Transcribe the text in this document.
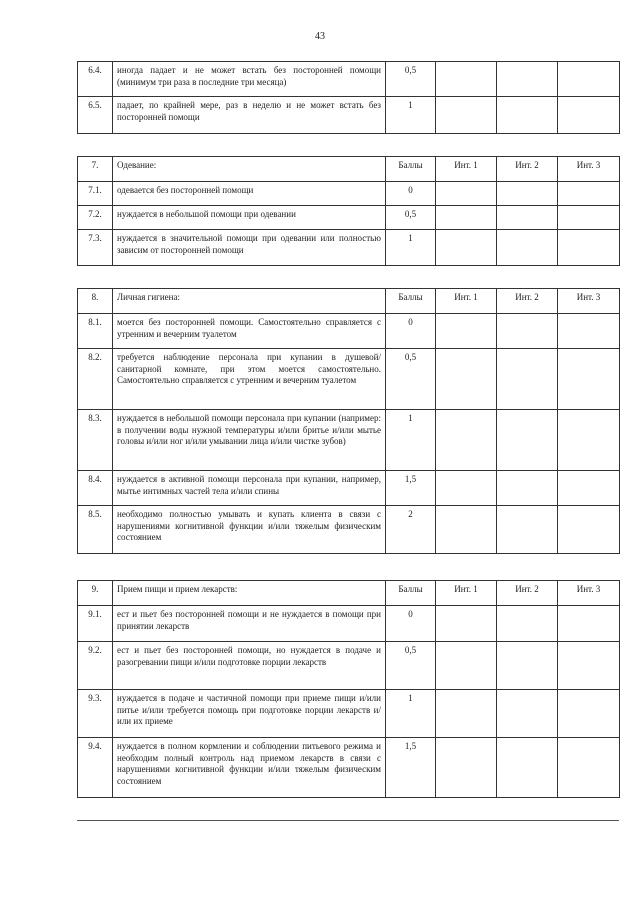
43
6.4.	иногда падает и не может встать без посторонней помощи (минимум три раза в последние три месяца)	0,5			
6.5.	падает, по крайней мере, раз в неделю и не может встать без посторонней помощи	1			
7.	Одевание:	Баллы	Инт. 1	Инт. 2	Инт. 3
7.1.	одевается без посторонней помощи	0			
7.2.	нуждается в небольшой помощи при одевании	0,5			
7.3.	нуждается в значительной помощи при одевании или полностью зависим от посторонней помощи	1			
8.	Личная гигиена:	Баллы	Инт. 1	Инт. 2	Инт. 3
8.1.	моется без посторонней помощи. Самостоятельно справляется с утренним и вечерним туалетом	0			
8.2.	требуется наблюдение персонала при купании в душевой/санитарной комнате, при этом моется самостоятельно. Самостоятельно справляется с утренним и вечерним туалетом	0,5			
8.3.	нуждается в небольшой помощи персонала при купании (например: в получении воды нужной температуры и/или бритье и/или мытье головы и/или ног и/или умывании лица и/или чистке зубов)	1			
8.4.	нуждается в активной помощи персонала при купании, например, мытье интимных частей тела и/или спины	1,5			
8.5.	необходимо полностью умывать и купать клиента в связи с нарушениями когнитивной функции и/или тяжелым физическим состоянием	2			
9.	Прием пищи и прием лекарств:	Баллы	Инт. 1	Инт. 2	Инт. 3
9.1.	ест и пьет без посторонней помощи и не нуждается в помощи при принятии лекарств	0			
9.2.	ест и пьет без посторонней помощи, но нуждается в подаче и разогревании пищи и/или подготовке порции лекарств	0,5			
9.3.	нуждается в подаче и частичной помощи при приеме пищи и/или питье и/или требуется помощь при подготовке порции лекарств и/или их приеме	1			
9.4.	нуждается в полном кормлении и соблюдении питьевого режима и необходим полный контроль над приемом лекарств в связи с нарушениями когнитивной функции и/или тяжелым физическим состоянием	1,5			
